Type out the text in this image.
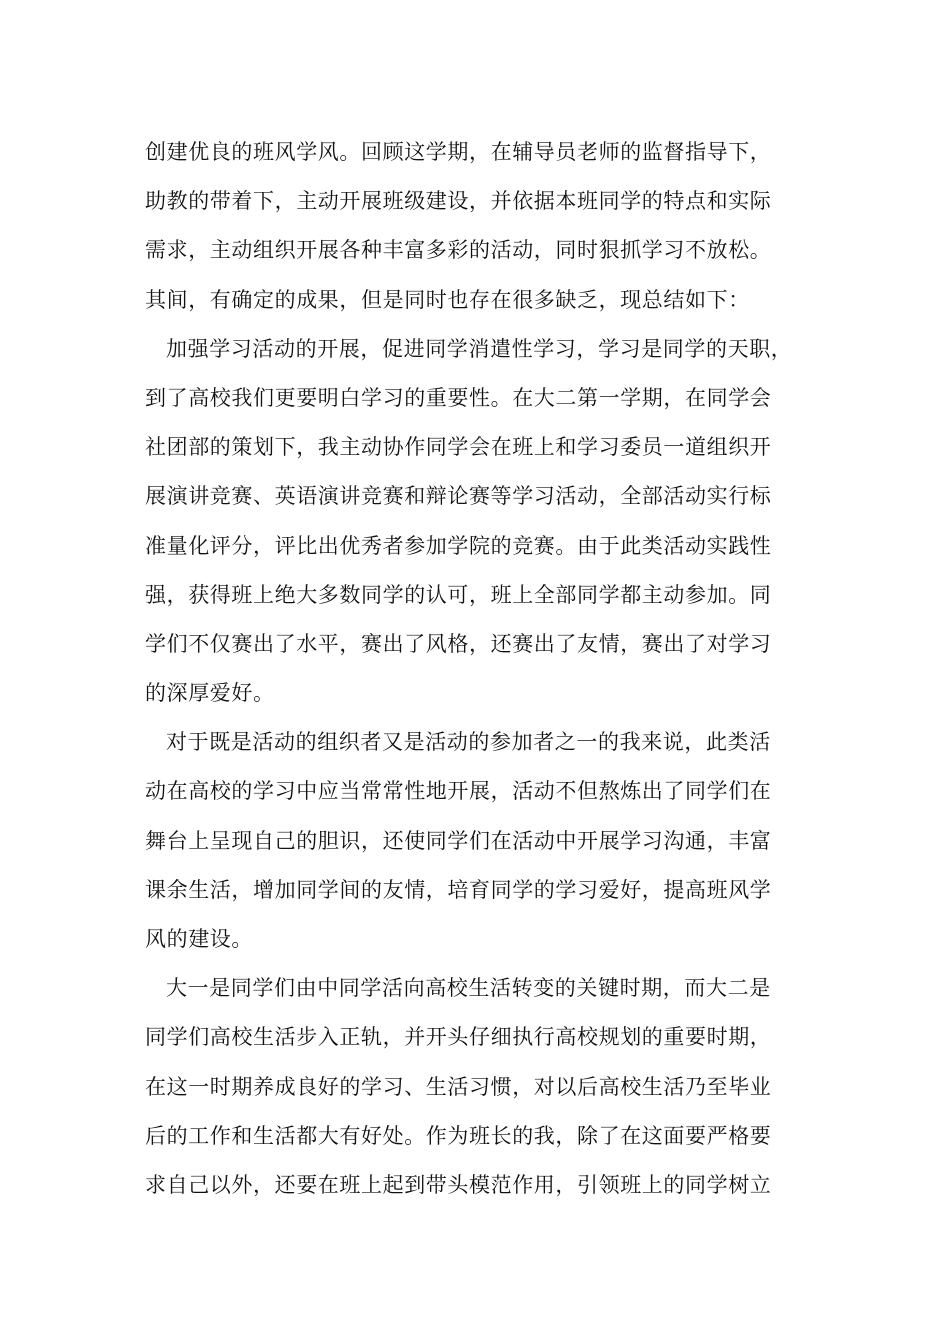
创建优良的班风学风。回顾这学期，在辅导员老师的监督指导下，
助教的带着下，主动开展班级建设，并依据本班同学的特点和实际
需求，主动组织开展各种丰富多彩的活动，同时狠抓学习不放松。
其间，有确定的成果，但是同时也存在很多缺乏，现总结如下：
加强学习活动的开展，促进同学消遣性学习，学习是同学的天职，
到了高校我们更要明白学习的重要性。在大二第一学期，在同学会
社团部的策划下，我主动协作同学会在班上和学习委员一道组织开
展演讲竞赛、英语演讲竞赛和辩论赛等学习活动，全部活动实行标
准量化评分，评比出优秀者参加学院的竞赛。由于此类活动实践性
强，获得班上绝大多数同学的认可，班上全部同学都主动参加。同
学们不仅赛出了水平，赛出了风格，还赛出了友情，赛出了对学习
的深厚爱好。
对于既是活动的组织者又是活动的参加者之一的我来说，此类活
动在高校的学习中应当常常性地开展，活动不但熬炼出了同学们在
舞台上呈现自己的胆识，还使同学们在活动中开展学习沟通，丰富
课余生活，增加同学间的友情，培育同学的学习爱好，提高班风学
风的建设。
大一是同学们由中同学活向高校生活转变的关键时期，而大二是
同学们高校生活步入正轨，并开头仔细执行高校规划的重要时期，
在这一时期养成良好的学习、生活习惯，对以后高校生活乃至毕业
后的工作和生活都大有好处。作为班长的我，除了在这面要严格要
求自己以外，还要在班上起到带头模范作用，引领班上的同学树立
